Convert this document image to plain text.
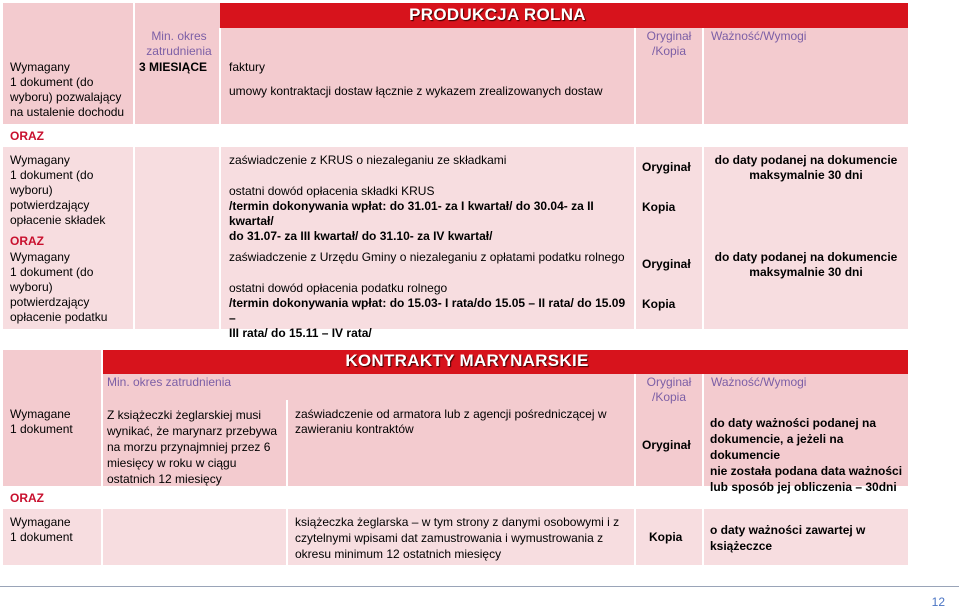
PRODUKCJA ROLNA
Wymagany
1 dokument (do
wyboru) pozwalający
na ustalenie dochodu
Min. okres
zatrudnienia
3 MIESIĄCE faktury
umowy kontraktacji dostaw łącznie z wykazem zrealizowanych dostaw
Oryginał
/Kopia
Ważność/Wymogi
ORAZ
Wymagany
1 dokument (do
wyboru)
potwierdzający
opłacenie składek
ORAZ
Wymagany
1 dokument (do
wyboru)
potwierdzający
opłacenie podatku
zaświadczenie z KRUS o niezaleganiu ze składkami
ostatni dowód opłacenia składki KRUS
/termin dokonywania wpłat: do 31.01- za I kwartał/ do 30.04- za II kwartał/
do 31.07- za III kwartał/ do 31.10- za IV kwartał/
zaświadczenie z Urzędu Gminy o niezaleganiu z opłatami podatku rolnego
ostatni dowód opłacenia podatku rolnego
/termin dokonywania wpłat: do 15.03- I rata/do 15.05 – II rata/ do 15.09 –
III rata/ do 15.11 – IV rata/
Oryginał
Kopia
Oryginał
Kopia
do daty podanej na dokumencie
maksymalnie 30 dni
do daty podanej na dokumencie
maksymalnie 30 dni
KONTRAKTY MARYNARSKIE
Min. okres zatrudnienia	Oryginał
/Kopia
Ważność/Wymogi
Wymagane
1 dokument
Z książeczki żeglarskiej musi
wynikać, że marynarz przebywa
na morzu przynajmniej przez 6
miesięcy w roku w ciągu
ostatnich 12 miesięcy
zaświadczenie od armatora lub z agencji pośredniczącej w
zawieraniu kontraktów
Oryginał
do daty ważności podanej na
dokumencie, a jeżeli na dokumencie
nie została podana data ważności
lub sposób jej obliczenia – 30dni
ORAZ
Wymagane
1 dokument
książeczka żeglarska – w tym strony z danymi osobowymi i z
czytelnymi wpisami dat zamustrowania i wymustrowania z
okresu minimum 12 ostatnich miesięcy
Kopia o daty ważności zawartej w
książeczce
12
